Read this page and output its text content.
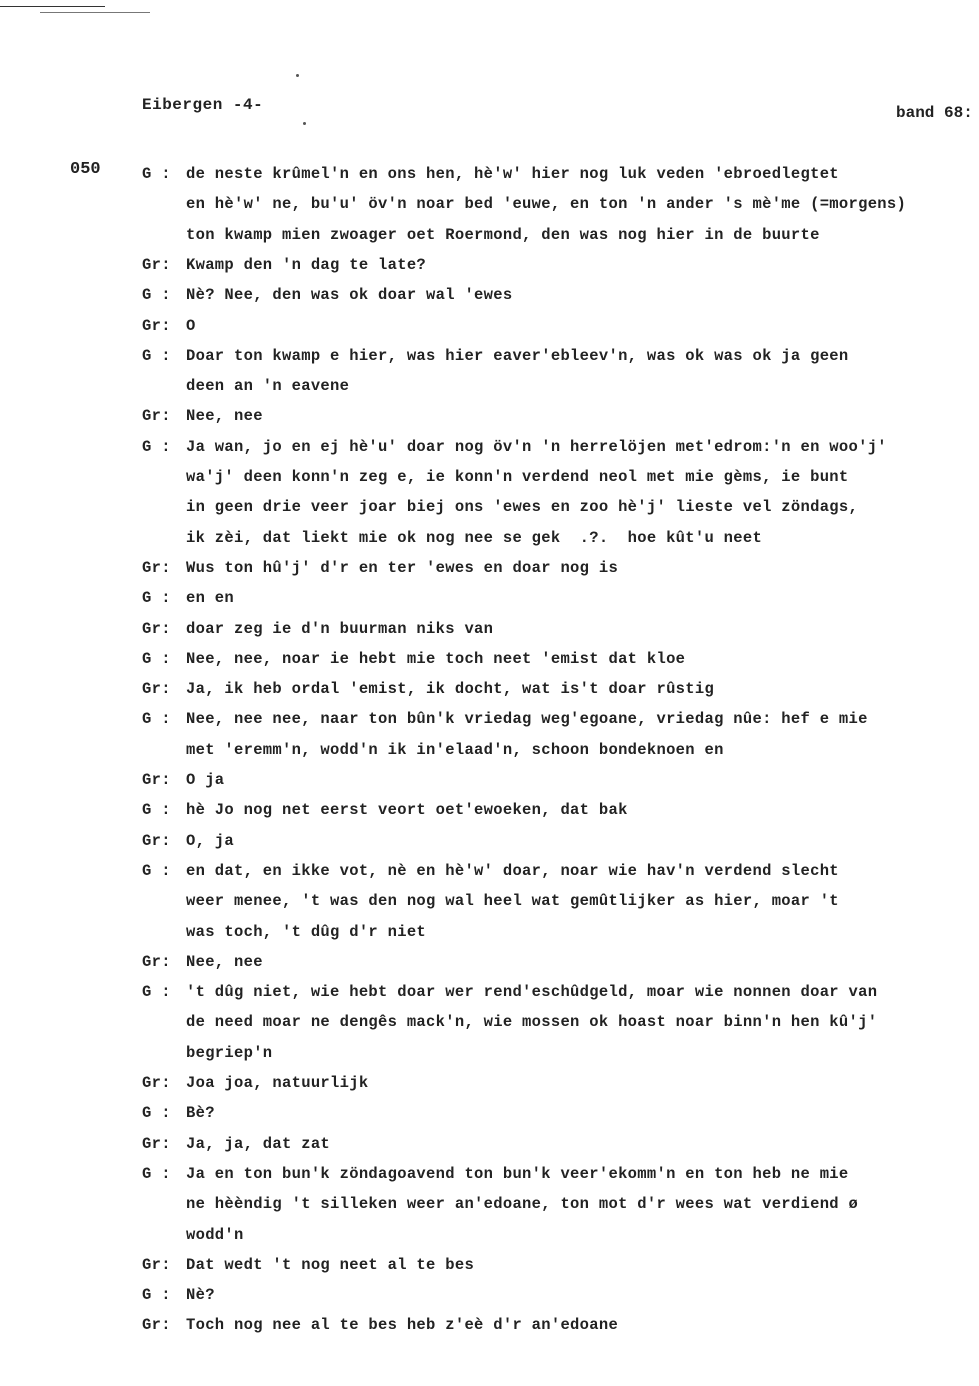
Eibergen -4-	band 68:
050	G : de neste krûmel'n en ons hen, hè'w' hier nog luk veden 'ebroedlegtet
en hè'w' ne, bu'u' öv'n noar bed 'euwe, en ton 'n ander 's mè'me (=morgens)
ton kwamp mien zwoager oet Roermond, den was nog hier in de buurte
Gr: Kwamp den 'n dag te late?
G : Nè? Nee, den was ok doar wal 'ewes
Gr: O
G : Doar ton kwamp e hier, was hier eaver'ebleev'n, was ok was ok ja geen
deen an 'n eavene
Gr: Nee, nee
G : Ja wan, jo en ej hè'u' doar nog öv'n 'n herrelöjen met'edrom:'n en woo'j'
wa'j' deen konn'n zeg e, ie konn'n verdend neol met mie gèms, ie bunt
in geen drie veer joar biej ons 'ewes en zoo hè'j' lieste vel zöndags,
ik zèi, dat liekt mie ok nog nee se gek  .?.  hoe kût'u neet
Gr: Wus ton hû'j' d'r en ter 'ewes en doar nog is
G : en en
Gr: doar zeg ie d'n buurman niks van
G : Nee, nee, noar ie hebt mie toch neet 'emist dat kloe
Gr: Ja, ik heb ordal 'emist, ik docht, wat is't doar rûstig
G : Nee, nee nee, naar ton bûn'k vriedag weg'egoane, vriedag nûe: hef e mie
met 'eremm'n, wodd'n ik in'elaad'n, schoon bondeknoen en
Gr: O ja
G : hè Jo nog net eerst veort oet'ewoeken, dat bak
Gr: O, ja
G : en dat, en ikke vot, nè en hè'w' doar, noar wie hav'n verdend slecht
weer menee, 't was den nog wal heel wat gemûtlijker as hier, moar 't
was toch, 't dûg d'r niet
Gr: Nee, nee
G : 't dûg niet, wie hebt doar wer rend'eschûdgeld, moar wie nonnen doar van
de need moar ne dengês mack'n, wie mossen ok hoast noar binn'n hen kû'j'
begriep'n
Gr: Joa joa, natuurlijk
G : Bè?
Gr: Ja, ja, dat zat
G : Ja en ton bun'k zöndagoavend ton bun'k veer'ekomm'n en ton heb ne mie
ne hèèndig 't silleken weer an'edoane, ton mot d'r wees wat verdiend ø
wodd'n
Gr: Dat wedt 't nog neet al te bes
G : Nè?
Gr: Toch nog nee al te bes heb z'eè d'r an'edoane
